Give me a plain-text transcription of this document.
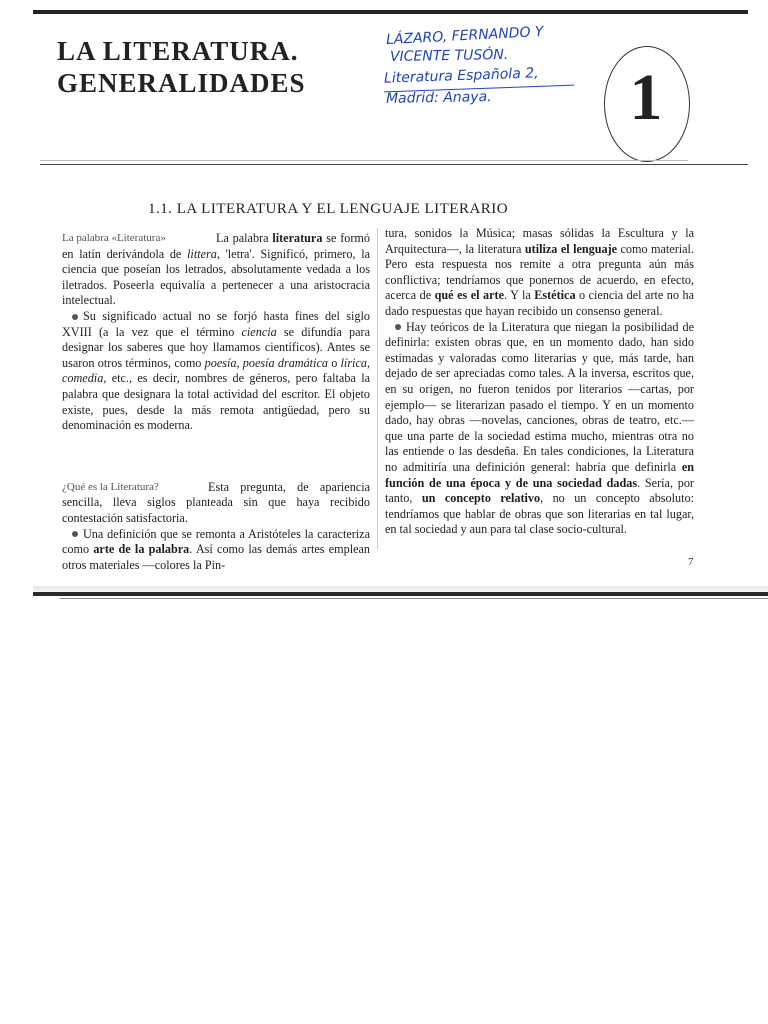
LA LITERATURA.
GENERALIDADES
LÁZARO, FERNANDO Y
VICENTE TUSÓN.
Literatura Española 2,
Madrid: Anaya.	1
1.1. LA LITERATURA Y EL LENGUAJE LITERARIO

La palabra «Literatura»	La palabra literatura se formó en latín derivándola de littera, 'letra'. Significó, primero, la ciencia que poseían los letrados, absolutamente vedada a los iletrados. Poseerla equivalía a pertenecer a una aristocracia intelectual.

Su significado actual no se forjó hasta fines del siglo XVIII (a la vez que el término ciencia se difundía para designar los saberes que hoy llamamos científicos). Antes se usaron otros términos, como poesía, poesía dramática o lírica, comedia, etc., es decir, nombres de géneros, pero faltaba la palabra que designara la total actividad del escritor. El objeto existe, pues, desde la más remota antigüedad, pero su denominación es moderna.

¿Qué es la Literatura?	Esta pregunta, de apariencia sencilla, lleva siglos planteada sin que haya recibido contestación satisfactoria.

Una definición que se remonta a Aristóteles la caracteriza como arte de la palabra. Así como las demás artes emplean otros materiales —colores la Pin-

tura, sonidos la Música; masas sólidas la Escultura y la Arquitectura—, la literatura utiliza el lenguaje como material. Pero esta respuesta nos remite a otra pregunta aún más conflictiva; tendríamos que ponernos de acuerdo, en efecto, acerca de qué es el arte. Y la Estética o ciencia del arte no ha dado respuestas que hayan recibido un consenso general.

Hay teóricos de la Literatura que niegan la posibilidad de definirla: existen obras que, en un momento dado, han sido estimadas y valoradas como literarias y que, más tarde, han dejado de ser apreciadas como tales. A la inversa, escritos que, en su origen, no fueron tenidos por literarios —cartas, por ejemplo— se literarizan pasado el tiempo. Y en un momento dado, hay obras —novelas, canciones, obras de teatro, etc.— que una parte de la sociedad estima mucho, mientras otra no las entiende o las desdeña. En tales condiciones, la Literatura no admitiría una definición general: habría que definirla en función de una época y de una sociedad dadas. Sería, por tanto, un concepto relativo, no un concepto absoluto: tendríamos que hablar de obras que son literarias en tal lugar, en tal sociedad y aun para tal clase socio-cultural.

7
